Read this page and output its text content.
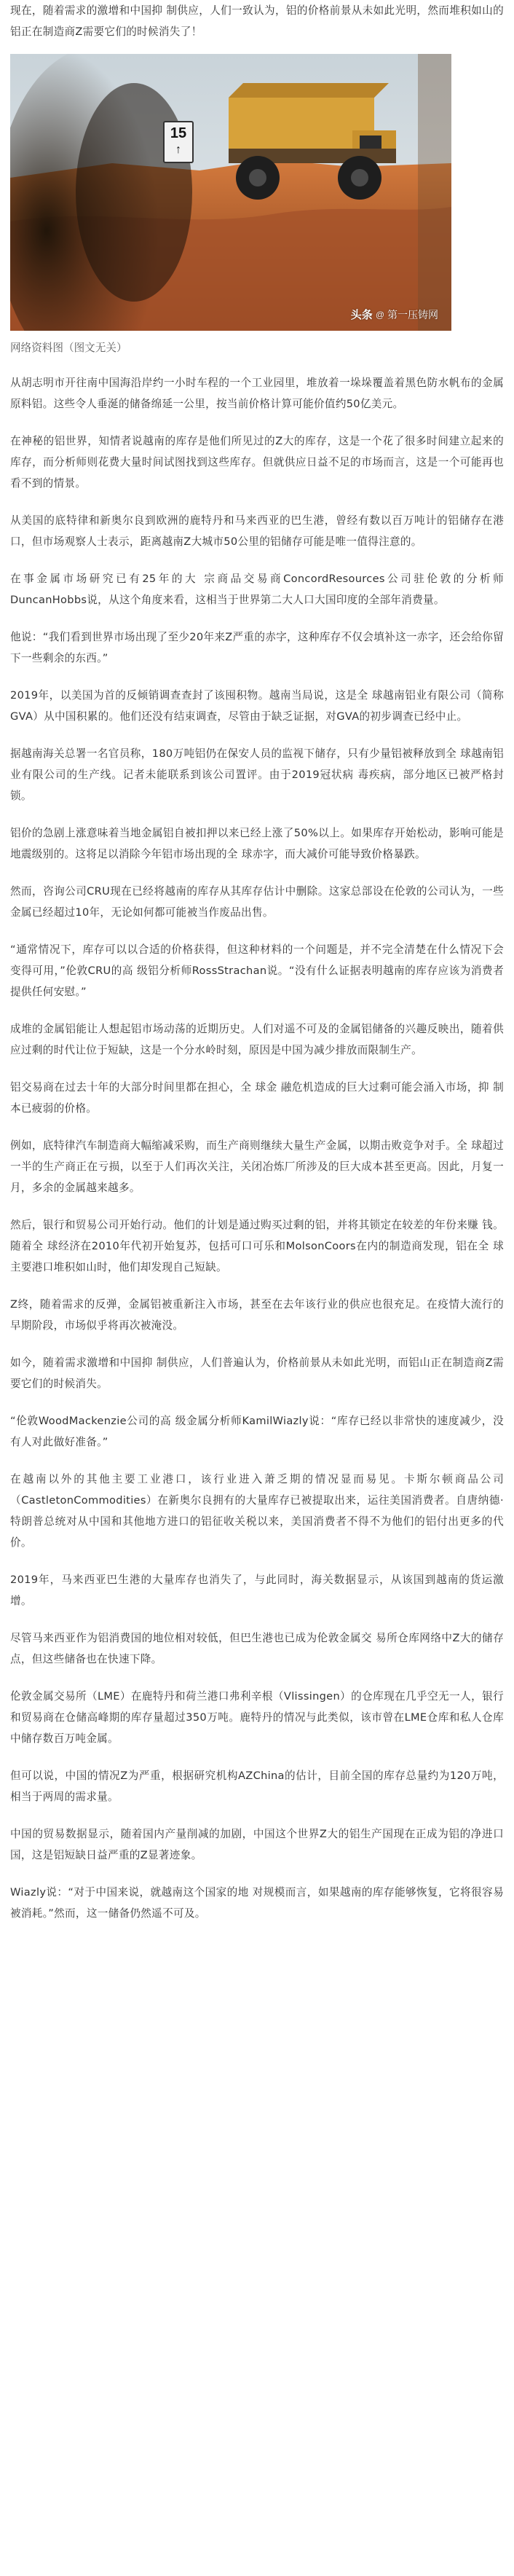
现在，随着需求的激增和中国抑 制供应，人们一致认为，铝的价格前景从未如此光明，然而堆积如山的铝正在制造商Z需要它们的时候消失了！

15
↑
头条 @ 第一压铸网
网络资料图（图文无关）

从胡志明市开往南中国海沿岸约一小时车程的一个工业园里，堆放着一垛垛覆盖着黑色防水帆布的金属原料铝。这些令人垂涎的储备绵延一公里，按当前价格计算可能价值约50亿美元。

在神秘的铝世界，知情者说越南的库存是他们所见过的Z大的库存，这是一个花了很多时间建立起来的库存，而分析师则花费大量时间试图找到这些库存。但就供应日益不足的市场而言，这是一个可能再也看不到的情景。

从美国的底特律和新奥尔良到欧洲的鹿特丹和马来西亚的巴生港，曾经有数以百万吨计的铝储存在港口，但市场观察人士表示，距离越南Z大城市50公里的铝储存可能是唯一值得注意的。

在事金属市场研究已有25年的大 宗商品交易商ConcordResources公司驻伦敦的分析师DuncanHobbs说，从这个角度来看，这相当于世界第二大人口大国印度的全部年消费量。

他说：“我们看到世界市场出现了至少20年来Z严重的赤字，这种库存不仅会填补这一赤字，还会给你留下一些剩余的东西。”

2019年，以美国为首的反倾销调查查封了该囤积物。越南当局说，这是全 球越南铝业有限公司（简称GVA）从中国积累的。他们还没有结束调查，尽管由于缺乏证据，对GVA的初步调查已经中止。

据越南海关总署一名官员称，180万吨铝仍在保安人员的监视下储存，只有少量铝被释放到全 球越南铝业有限公司的生产线。记者未能联系到该公司置评。由于2019冠状病 毒疾病，部分地区已被严格封锁。

铝价的急剧上涨意味着当地金属铝自被扣押以来已经上涨了50%以上。如果库存开始松动，影响可能是地震级别的。这将足以消除今年铝市场出现的全 球赤字，而大减价可能导致价格暴跌。

然而，咨询公司CRU现在已经将越南的库存从其库存估计中删除。这家总部设在伦敦的公司认为，一些金属已经超过10年，无论如何都可能被当作废品出售。

“通常情况下，库存可以以合适的价格获得，但这种材料的一个问题是，并不完全清楚在什么情况下会变得可用，”伦敦CRU的高 级铝分析师RossStrachan说。“没有什么证据表明越南的库存应该为消费者提供任何安慰。”

成堆的金属铝能让人想起铝市场动荡的近期历史。人们对遥不可及的金属铝储备的兴趣反映出，随着供应过剩的时代让位于短缺，这是一个分水岭时刻，原因是中国为减少排放而限制生产。

铝交易商在过去十年的大部分时间里都在担心，全 球金 融危机造成的巨大过剩可能会涌入市场，抑 制本已疲弱的价格。

例如，底特律汽车制造商大幅缩减采购，而生产商则继续大量生产金属，以期击败竞争对手。全 球超过一半的生产商正在亏损，以至于人们再次关注，关闭冶炼厂所涉及的巨大成本甚至更高。因此，月复一月，多余的金属越来越多。

然后，银行和贸易公司开始行动。他们的计划是通过购买过剩的铝，并将其锁定在较差的年份来赚 钱。随着全 球经济在2010年代初开始复苏，包括可口可乐和MolsonCoors在内的制造商发现，铝在全 球主要港口堆积如山时，他们却发现自己短缺。

Z终，随着需求的反弹，金属铝被重新注入市场，甚至在去年该行业的供应也很充足。在疫情大流行的早期阶段，市场似乎将再次被淹没。

如今，随着需求激增和中国抑 制供应，人们普遍认为，价格前景从未如此光明，而铝山正在制造商Z需要它们的时候消失。

“伦敦WoodMackenzie公司的高 级金属分析师KamilWiazly说：“库存已经以非常快的速度减少，没有人对此做好准备。”

在越南以外的其他主要工业港口，该行业进入萧乏期的情况显而易见。卡斯尔顿商品公司（CastletonCommodities）在新奥尔良拥有的大量库存已被提取出来，运往美国消费者。自唐纳德·特朗普总统对从中国和其他地方进口的铝征收关税以来，美国消费者不得不为他们的铝付出更多的代价。

2019年，马来西亚巴生港的大量库存也消失了，与此同时，海关数据显示，从该国到越南的货运激增。

尽管马来西亚作为铝消费国的地位相对较低，但巴生港也已成为伦敦金属交 易所仓库网络中Z大的储存点，但这些储备也在快速下降。

伦敦金属交易所（LME）在鹿特丹和荷兰港口弗利辛根（Vlissingen）的仓库现在几乎空无一人，银行和贸易商在仓储高峰期的库存量超过350万吨。鹿特丹的情况与此类似，该市曾在LME仓库和私人仓库中储存数百万吨金属。

但可以说，中国的情况Z为严重，根据研究机构AZChina的估计，目前全国的库存总量约为120万吨，相当于两周的需求量。

中国的贸易数据显示，随着国内产量削减的加剧，中国这个世界Z大的铝生产国现在正成为铝的净进口国，这是铝短缺日益严重的Z显著迹象。

Wiazly说：“对于中国来说，就越南这个国家的地 对规模而言，如果越南的库存能够恢复，它将很容易被消耗。”然而，这一储备仍然遥不可及。
